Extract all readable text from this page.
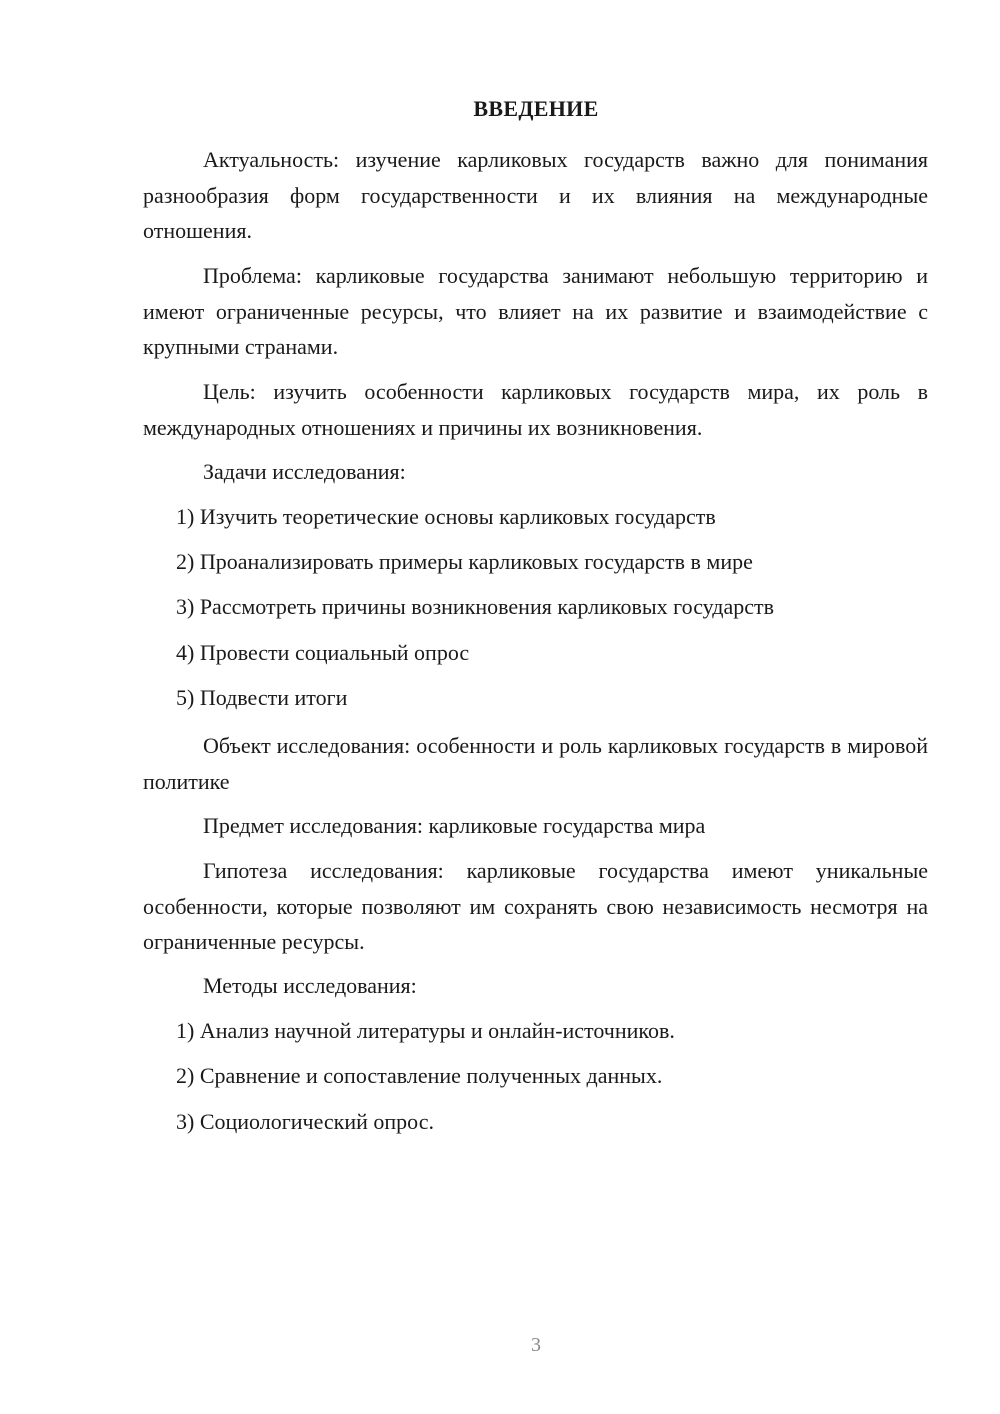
ВВЕДЕНИЕ

Актуальность: изучение карликовых государств важно для понимания разнообразия форм государственности и их влияния на международные отношения.

Проблема: карликовые государства занимают небольшую территорию и имеют ограниченные ресурсы, что влияет на их развитие и взаимодействие с крупными странами.

Цель: изучить особенности карликовых государств мира, их роль в международных отношениях и причины их возникновения.

Задачи исследования:
1) Изучить теоретические основы карликовых государств
2) Проанализировать примеры карликовых государств в мире
3) Рассмотреть причины возникновения карликовых государств
4) Провести социальный опрос
5) Подвести итоги

Объект исследования: особенности и роль карликовых государств в мировой политике

Предмет исследования: карликовые государства мира

Гипотеза исследования: карликовые государства имеют уникальные особенности, которые позволяют им сохранять свою независимость несмотря на ограниченные ресурсы.

Методы исследования:
1) Анализ научной литературы и онлайн-источников.
2) Сравнение и сопоставление полученных данных.
3) Социологический опрос.
3
